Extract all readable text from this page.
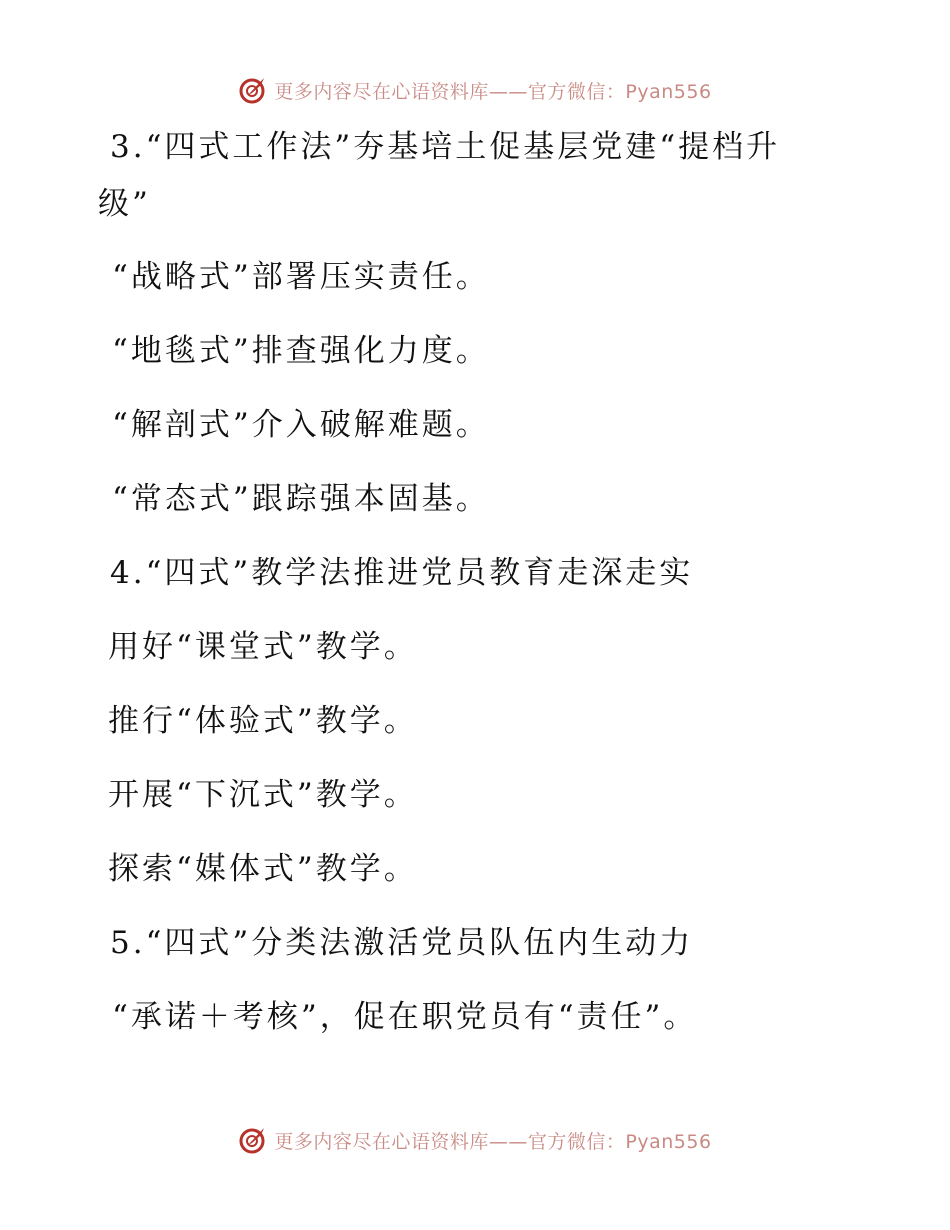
更多内容尽在心语资料库——官方微信：Pyan556
3.“四式工作法”夯基培土促基层党建“提档升
级”
“战略式”部署压实责任。
“地毯式”排查强化力度。
“解剖式”介入破解难题。
“常态式”跟踪强本固基。
4.“四式”教学法推进党员教育走深走实
用好“课堂式”教学。
推行“体验式”教学。
开展“下沉式”教学。
探索“媒体式”教学。
5.“四式”分类法激活党员队伍内生动力
“承诺＋考核”，促在职党员有“责任”。
更多内容尽在心语资料库——官方微信：Pyan556
